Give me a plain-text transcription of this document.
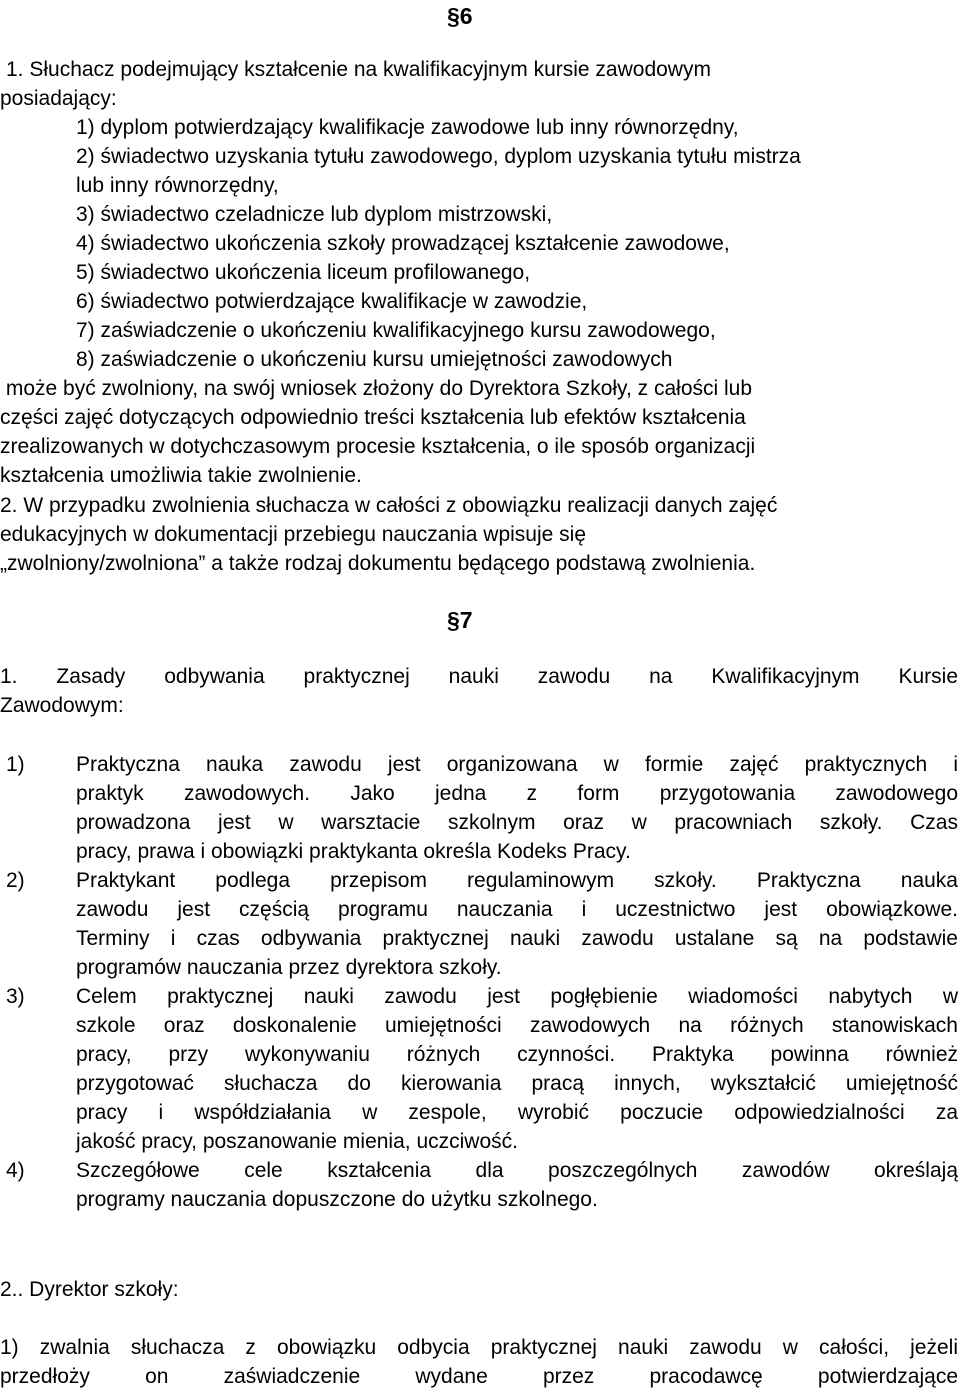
§6
1. Słuchacz podejmujący kształcenie na kwalifikacyjnym kursie zawodowym
posiadający:
1) dyplom potwierdzający kwalifikacje zawodowe lub inny równorzędny,
2) świadectwo uzyskania tytułu zawodowego, dyplom uzyskania tytułu mistrza
lub inny równorzędny,
3) świadectwo czeladnicze lub dyplom mistrzowski,
4) świadectwo ukończenia szkoły prowadzącej kształcenie zawodowe,
5) świadectwo ukończenia liceum profilowanego,
6) świadectwo potwierdzające kwalifikacje w zawodzie,
7) zaświadczenie o ukończeniu kwalifikacyjnego kursu zawodowego,
8) zaświadczenie o ukończeniu kursu umiejętności zawodowych
może być zwolniony, na swój wniosek złożony do Dyrektora Szkoły, z całości lub
części zajęć dotyczących odpowiednio treści kształcenia lub efektów kształcenia
zrealizowanych w dotychczasowym procesie kształcenia, o ile sposób organizacji
kształcenia umożliwia takie zwolnienie.
2. W przypadku zwolnienia słuchacza w całości z obowiązku realizacji danych zajęć
edukacyjnych w dokumentacji przebiegu nauczania wpisuje się
„zwolniony/zwolniona” a także rodzaj dokumentu będącego podstawą zwolnienia.
§7
1. Zasady odbywania praktycznej nauki zawodu na Kwalifikacyjnym Kursie
Zawodowym:
1) Praktyczna nauka zawodu jest organizowana w formie zajęć praktycznych i
praktyk zawodowych. Jako jedna z form przygotowania zawodowego
prowadzona jest w warsztacie szkolnym oraz w pracowniach szkoły. Czas
pracy, prawa i obowiązki praktykanta określa Kodeks Pracy.
2) Praktykant podlega przepisom regulaminowym szkoły. Praktyczna nauka
zawodu jest częścią programu nauczania i uczestnictwo jest obowiązkowe.
Terminy i czas odbywania praktycznej nauki zawodu ustalane są na podstawie
programów nauczania przez dyrektora szkoły.
3) Celem praktycznej nauki zawodu jest pogłębienie wiadomości nabytych w
szkole oraz doskonalenie umiejętności zawodowych na różnych stanowiskach
pracy, przy wykonywaniu różnych czynności. Praktyka powinna również
przygotować słuchacza do kierowania pracą innych, wykształcić umiejętność
pracy i współdziałania w zespole, wyrobić poczucie odpowiedzialności za
jakość pracy, poszanowanie mienia, uczciwość.
4) Szczegółowe cele kształcenia dla poszczególnych zawodów określają
programy nauczania dopuszczone do użytku szkolnego.
2.. Dyrektor szkoły:
1) zwalnia słuchacza z obowiązku odbycia praktycznej nauki zawodu w całości, jeżeli
przedłoży on zaświadczenie wydane przez pracodawcę potwierdzające
